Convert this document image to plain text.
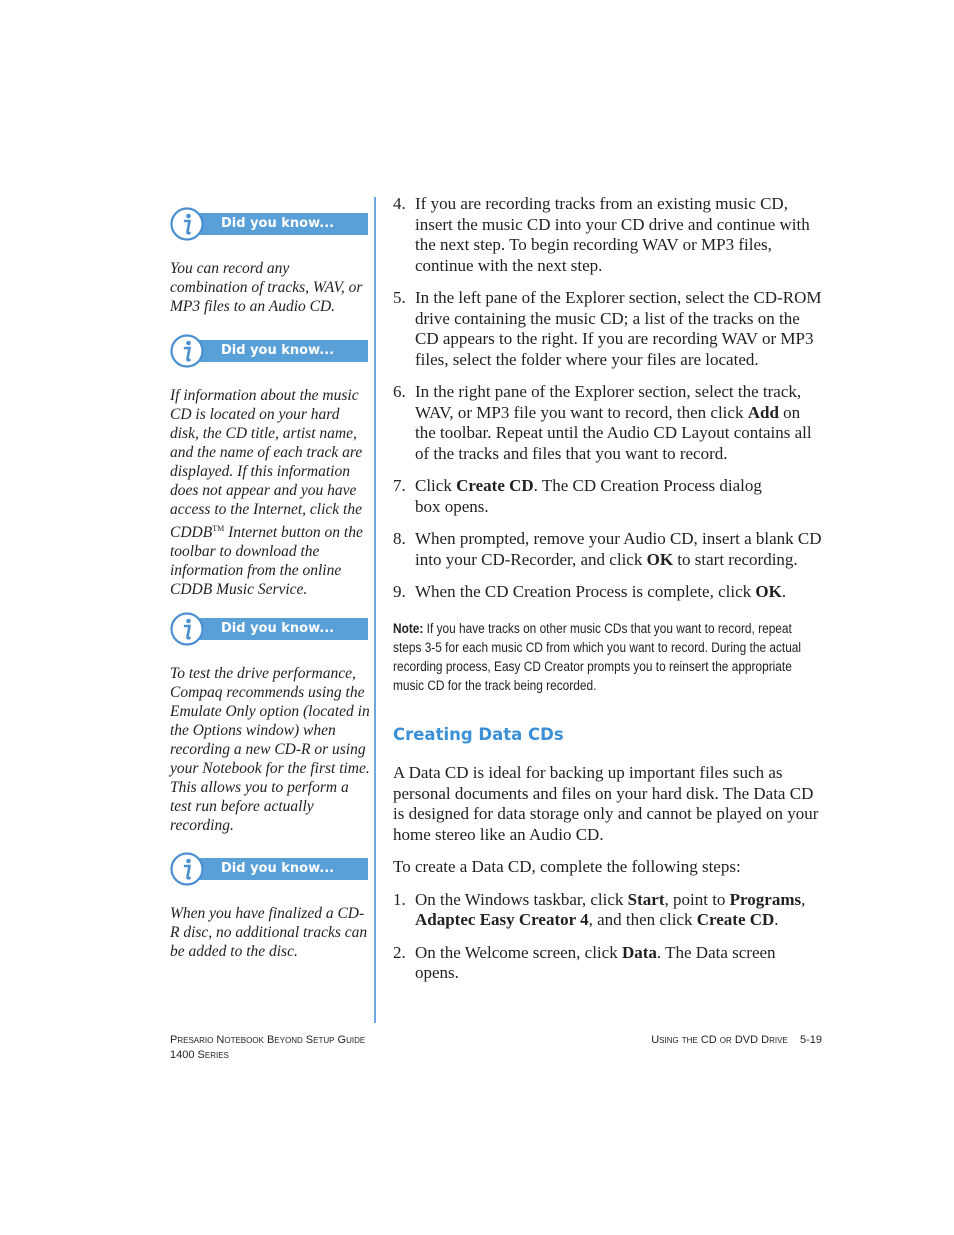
Did you know...
You can record any combination of tracks, WAV, or MP3 files to an Audio CD.
Did you know...
If information about the music CD is located on your hard disk, the CD title, artist name, and the name of each track are displayed. If this information does not appear and you have access to the Internet, click the CDDB™ Internet button on the toolbar to download the information from the online CDDB Music Service.
Did you know...
To test the drive performance, Compaq recommends using the Emulate Only option (located in the Options window) when recording a new CD-R or using your Notebook for the first time. This allows you to perform a test run before actually recording.
Did you know...
When you have finalized a CD-R disc, no additional tracks can be added to the disc.
4. If you are recording tracks from an existing music CD, insert the music CD into your CD drive and continue with the next step. To begin recording WAV or MP3 files, continue with the next step.
5. In the left pane of the Explorer section, select the CD-ROM drive containing the music CD; a list of the tracks on the CD appears to the right. If you are recording WAV or MP3 files, select the folder where your files are located.
6. In the right pane of the Explorer section, select the track, WAV, or MP3 file you want to record, then click Add on the toolbar. Repeat until the Audio CD Layout contains all of the tracks and files that you want to record.
7. Click Create CD. The CD Creation Process dialog box opens.
8. When prompted, remove your Audio CD, insert a blank CD into your CD-Recorder, and click OK to start recording.
9. When the CD Creation Process is complete, click OK.
Note: If you have tracks on other music CDs that you want to record, repeat steps 3-5 for each music CD from which you want to record. During the actual recording process, Easy CD Creator prompts you to reinsert the appropriate music CD for the track being recorded.
Creating Data CDs
A Data CD is ideal for backing up important files such as personal documents and files on your hard disk. The Data CD is designed for data storage only and cannot be played on your home stereo like an Audio CD.
To create a Data CD, complete the following steps:
1. On the Windows taskbar, click Start, point to Programs, Adaptec Easy Creator 4, and then click Create CD.
2. On the Welcome screen, click Data. The Data screen opens.
Presario Notebook Beyond Setup Guide
1400 Series
Using the CD or DVD Drive    5-19
